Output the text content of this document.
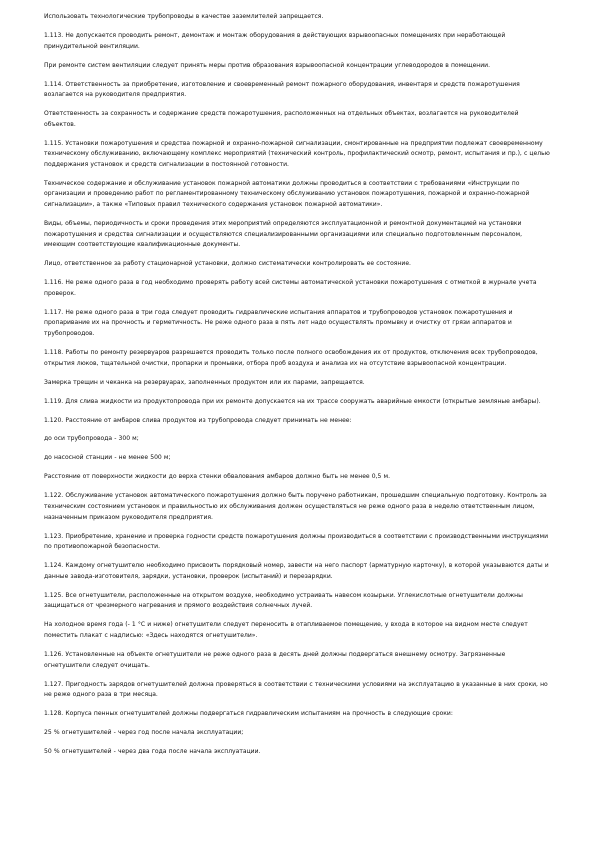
Использовать технологические трубопроводы в качестве заземлителей запрещается.

1.113. Не допускается проводить ремонт, демонтаж и монтаж оборудования в действующих взрывоопасных помещениях при неработающей принудительной вентиляции.

При ремонте систем вентиляции следует принять меры против образования взрывоопасной концентрации углеводородов в помещении.

1.114. Ответственность за приобретение, изготовление и своевременный ремонт пожарного оборудования, инвентаря и средств пожаротушения возлагается на руководителя предприятия.

Ответственность за сохранность и содержание средств пожаротушения, расположенных на отдельных объектах, возлагается на руководителей объектов.

1.115. Установки пожаротушения и средства пожарной и охранно-пожарной сигнализации, смонтированные на предприятии подлежат своевременному техническому обслуживанию, включающему комплекс мероприятий (технический контроль, профилактический осмотр, ремонт, испытания и пр.), с целью поддержания установок и средств сигнализации в постоянной готовности.

Техническое содержание и обслуживание установок пожарной автоматики должны проводиться в соответствии с требованиями «Инструкции по организации и проведению работ по регламентированному техническому обслуживанию установок пожаротушения, пожарной и охранно-пожарной сигнализации», а также «Типовых правил технического содержания установок пожарной автоматики».

Виды, объемы, периодичность и сроки проведения этих мероприятий определяются эксплуатационной и ремонтной документацией на установки пожаротушения и средства сигнализации и осуществляются специализированными организациями или специально подготовленным персоналом, имеющим соответствующие квалификационные документы.

Лицо, ответственное за работу стационарной установки, должно систематически контролировать ее состояние.

1.116. Не реже одного раза в год необходимо проверять работу всей системы автоматической установки пожаротушения с отметкой в журнале учета проверок.

1.117. Не реже одного раза в три года следует проводить гидравлические испытания аппаратов и трубопроводов установок пожаротушения и пропаривание их на прочность и герметичность. Не реже одного раза в пять лет надо осуществлять промывку и очистку от грязи аппаратов и трубопроводов.

1.118. Работы по ремонту резервуаров разрешается проводить только после полного освобождения их от продуктов, отключения всех трубопроводов, открытия люков, тщательной очистки, пропарки и промывки, отбора проб воздуха и анализа их на отсутствие взрывоопасной концентрации.

Замерка трещин и чеканка на резервуарах, заполненных продуктом или их парами, запрещается.

1.119. Для слива жидкости из продуктопровода при их ремонте допускается на их трассе сооружать аварийные емкости (открытые земляные амбары).

1.120. Расстояние от амбаров слива продуктов из трубопровода следует принимать не менее:

до оси трубопровода - 300 м;

до насосной станции - не менее 500 м;

Расстояние от поверхности жидкости до верха стенки обвалования амбаров должно быть не менее 0,5 м.

1.122. Обслуживание установок автоматического пожаротушения должно быть поручено работникам, прошедшим специальную подготовку. Контроль за техническим состоянием установок и правильностью их обслуживания должен осуществляться не реже одного раза в неделю ответственным лицом, назначенным приказом руководителя предприятия.

1.123. Приобретение, хранение и проверка годности средств пожаротушения должны производиться в соответствии с производственными инструкциями по противопожарной безопасности.

1.124. Каждому огнетушителю необходимо присвоить порядковый номер, завести на него паспорт (арматурную карточку), в которой указываются даты и данные завода-изготовителя, зарядки, установки, проверок (испытаний) и перезарядки.

1.125. Все огнетушители, расположенные на открытом воздухе, необходимо устраивать навесом козырьки. Углекислотные огнетушители должны защищаться от чрезмерного нагревания и прямого воздействия солнечных лучей.

На холодное время года (- 1 °С и ниже) огнетушители следует переносить в отапливаемое помещение, у входа в которое на видном месте следует поместить плакат с надписью: «Здесь находятся огнетушители».

1.126. Установленные на объекте огнетушители не реже одного раза в десять дней должны подвергаться внешнему осмотру. Загрязненные огнетушители следует очищать.

1.127. Пригодность зарядов огнетушителей должна проверяться в соответствии с техническими условиями на эксплуатацию в указанные в них сроки, но не реже одного раза в три месяца.

1.128. Корпуса пенных огнетушителей должны подвергаться гидравлическим испытаниям на прочность в следующие сроки:

25 % огнетушителей - через год после начала эксплуатации;

50 % огнетушителей - через два года после начала эксплуатации.
